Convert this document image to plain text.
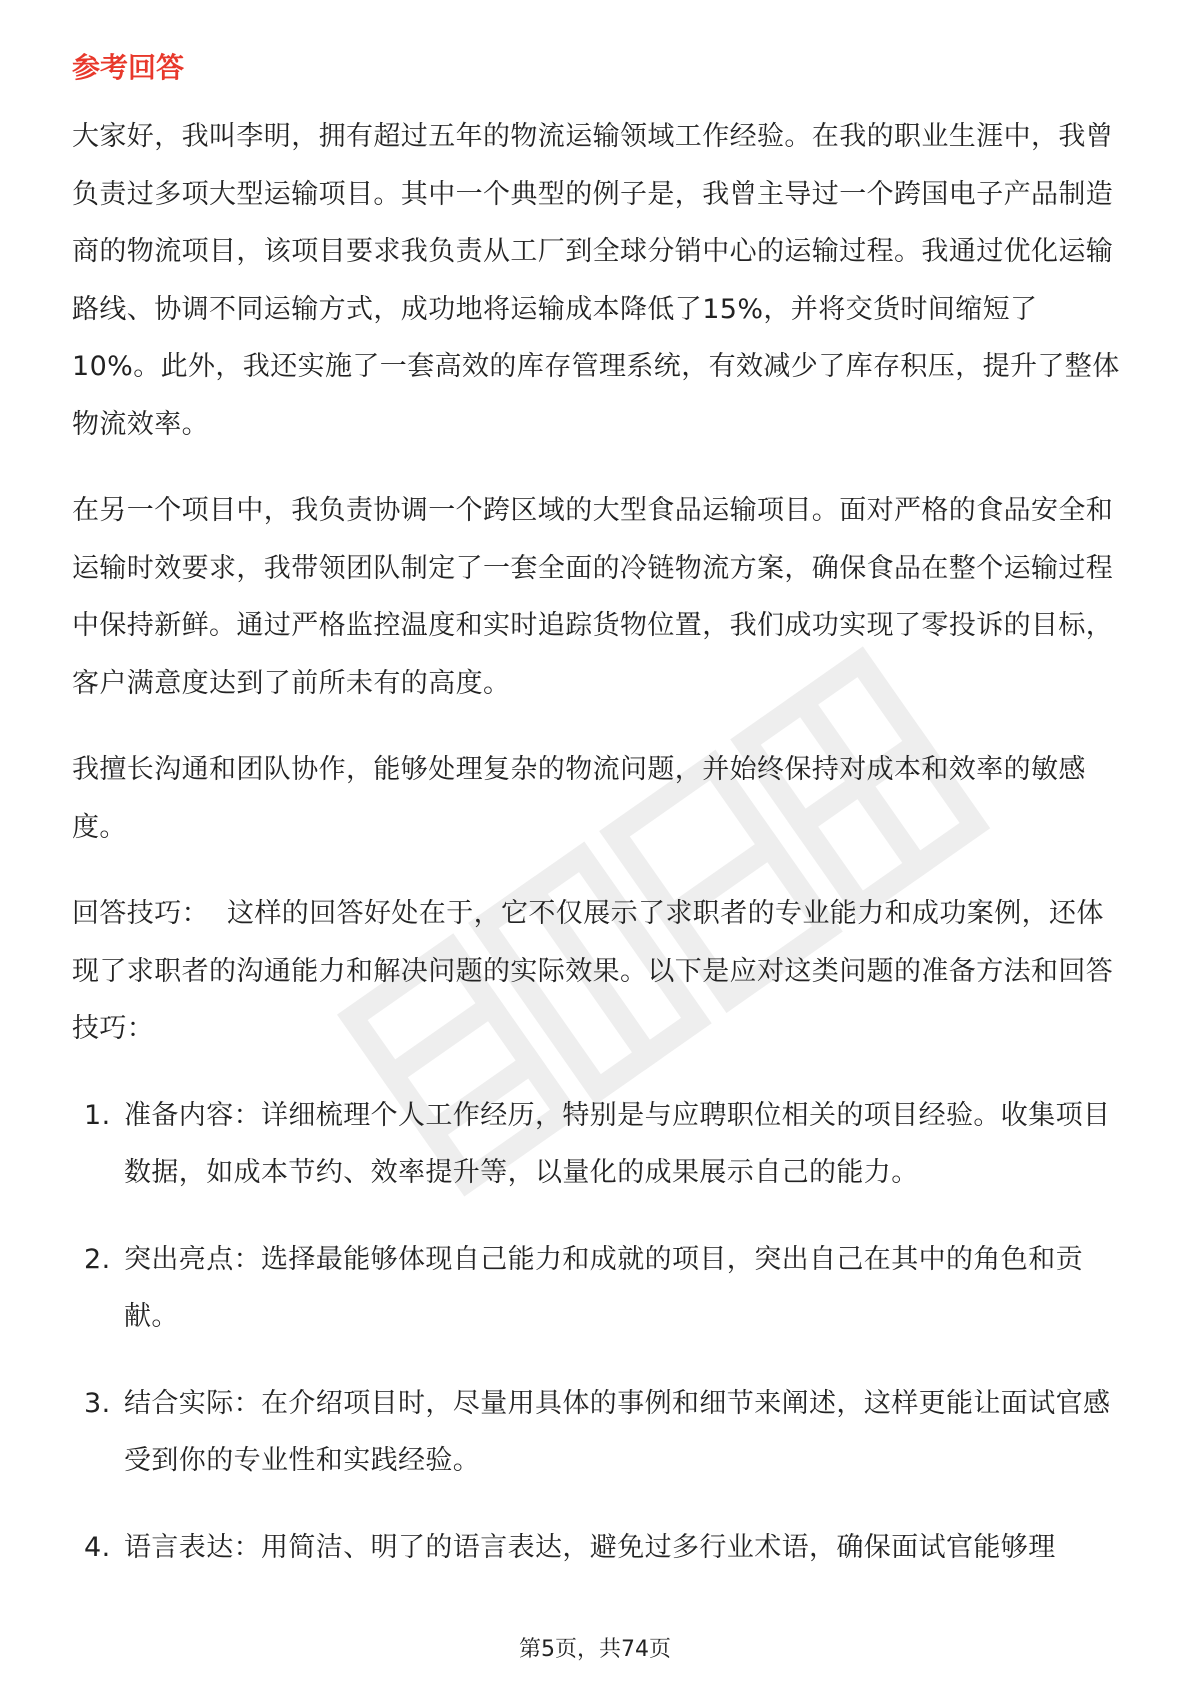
参考回答

大家好，我叫李明，拥有超过五年的物流运输领域工作经验。在我的职业生涯中，我曾负责过多项大型运输项目。其中一个典型的例子是，我曾主导过一个跨国电子产品制造商的物流项目，该项目要求我负责从工厂到全球分销中心的运输过程。我通过优化运输路线、协调不同运输方式，成功地将运输成本降低了15%，并将交货时间缩短了10%。此外，我还实施了一套高效的库存管理系统，有效减少了库存积压，提升了整体物流效率。

在另一个项目中，我负责协调一个跨区域的大型食品运输项目。面对严格的食品安全和运输时效要求，我带领团队制定了一套全面的冷链物流方案，确保食品在整个运输过程中保持新鲜。通过严格监控温度和实时追踪货物位置，我们成功实现了零投诉的目标，客户满意度达到了前所未有的高度。

我擅长沟通和团队协作，能够处理复杂的物流问题，并始终保持对成本和效率的敏感度。

回答技巧： 这样的回答好处在于，它不仅展示了求职者的专业能力和成功案例，还体现了求职者的沟通能力和解决问题的实际效果。以下是应对这类问题的准备方法和回答技巧：

1. 准备内容：详细梳理个人工作经历，特别是与应聘职位相关的项目经验。收集项目数据，如成本节约、效率提升等，以量化的成果展示自己的能力。
2. 突出亮点：选择最能够体现自己能力和成就的项目，突出自己在其中的角色和贡献。
3. 结合实际：在介绍项目时，尽量用具体的事例和细节来阐述，这样更能让面试官感受到你的专业性和实践经验。
4. 语言表达：用简洁、明了的语言表达，避免过多行业术语，确保面试官能够理
第5页，共74页
